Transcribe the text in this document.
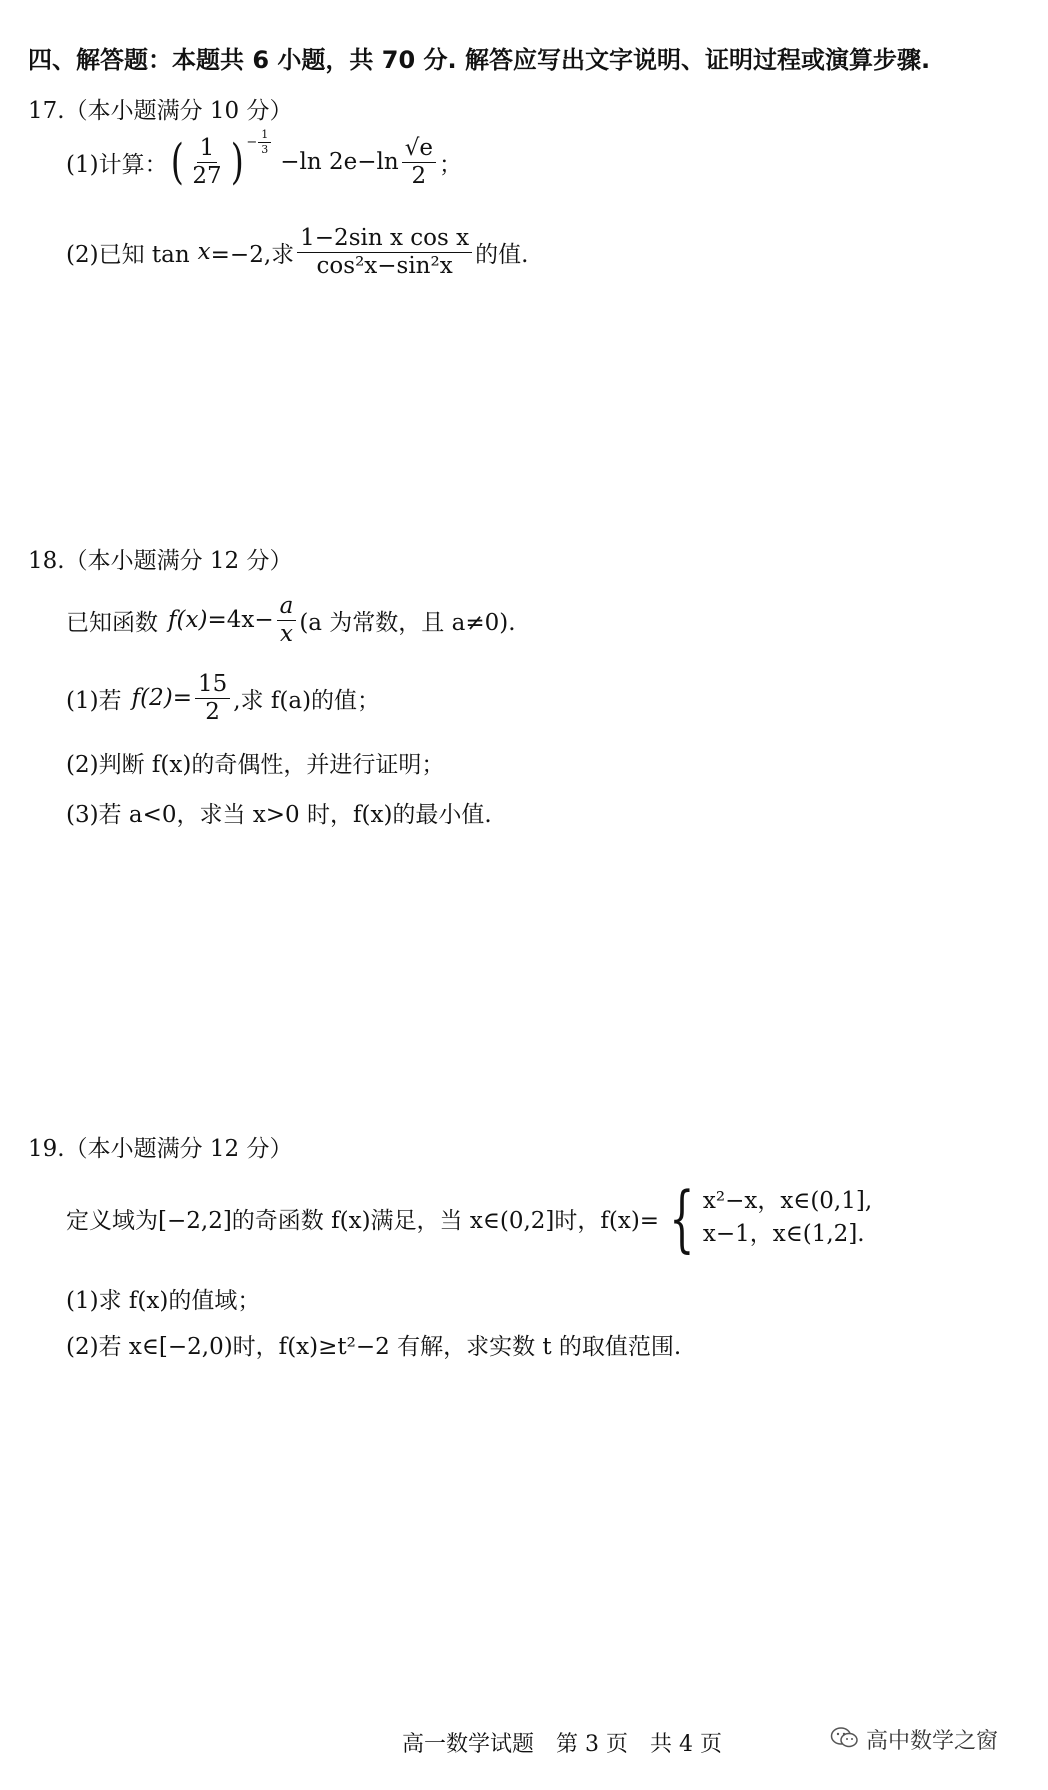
四、解答题：本题共 6 小题，共 70 分. 解答应写出文字说明、证明过程或演算步骤.
17.（本小题满分 10 分）
(1)计算： ( $\frac{1}{27}$ ) − $\frac{1}{3}$
−ln $2e-\ln \frac{√e}{2}$ ；
(2)已知 tan x =−2,求 $\frac{\text{1−2sin x cos x}}{\text{cos²x−sin²x}}$ 的值.
18.（本小题满分 12 分）
已知函数 $f(x) =4x- \frac{a}{x} (a$ 为常数，且 a≠0).
(1)若 $f(2) = \frac{15}{2}$ ,求 f(a)的值；
(2)判断 f(x)的奇偶性，并进行证明；
(3)若 a<0，求当 x>0 时，f(x)的最小值.
19.（本小题满分 12 分）
定义域为[−2,2]的奇函数 f(x)满足，当 x∈(0,2]时，f(x)= { x²−x，x∈(0,1],
x−1，x∈(1,2].
(1)求 f(x)的值域；
(2)若 x∈[−2,0)时，f(x)≥t²−2 有解，求实数 t 的取值范围.
高一数学试题　第 3 页　共 4 页	高中数学之窗
